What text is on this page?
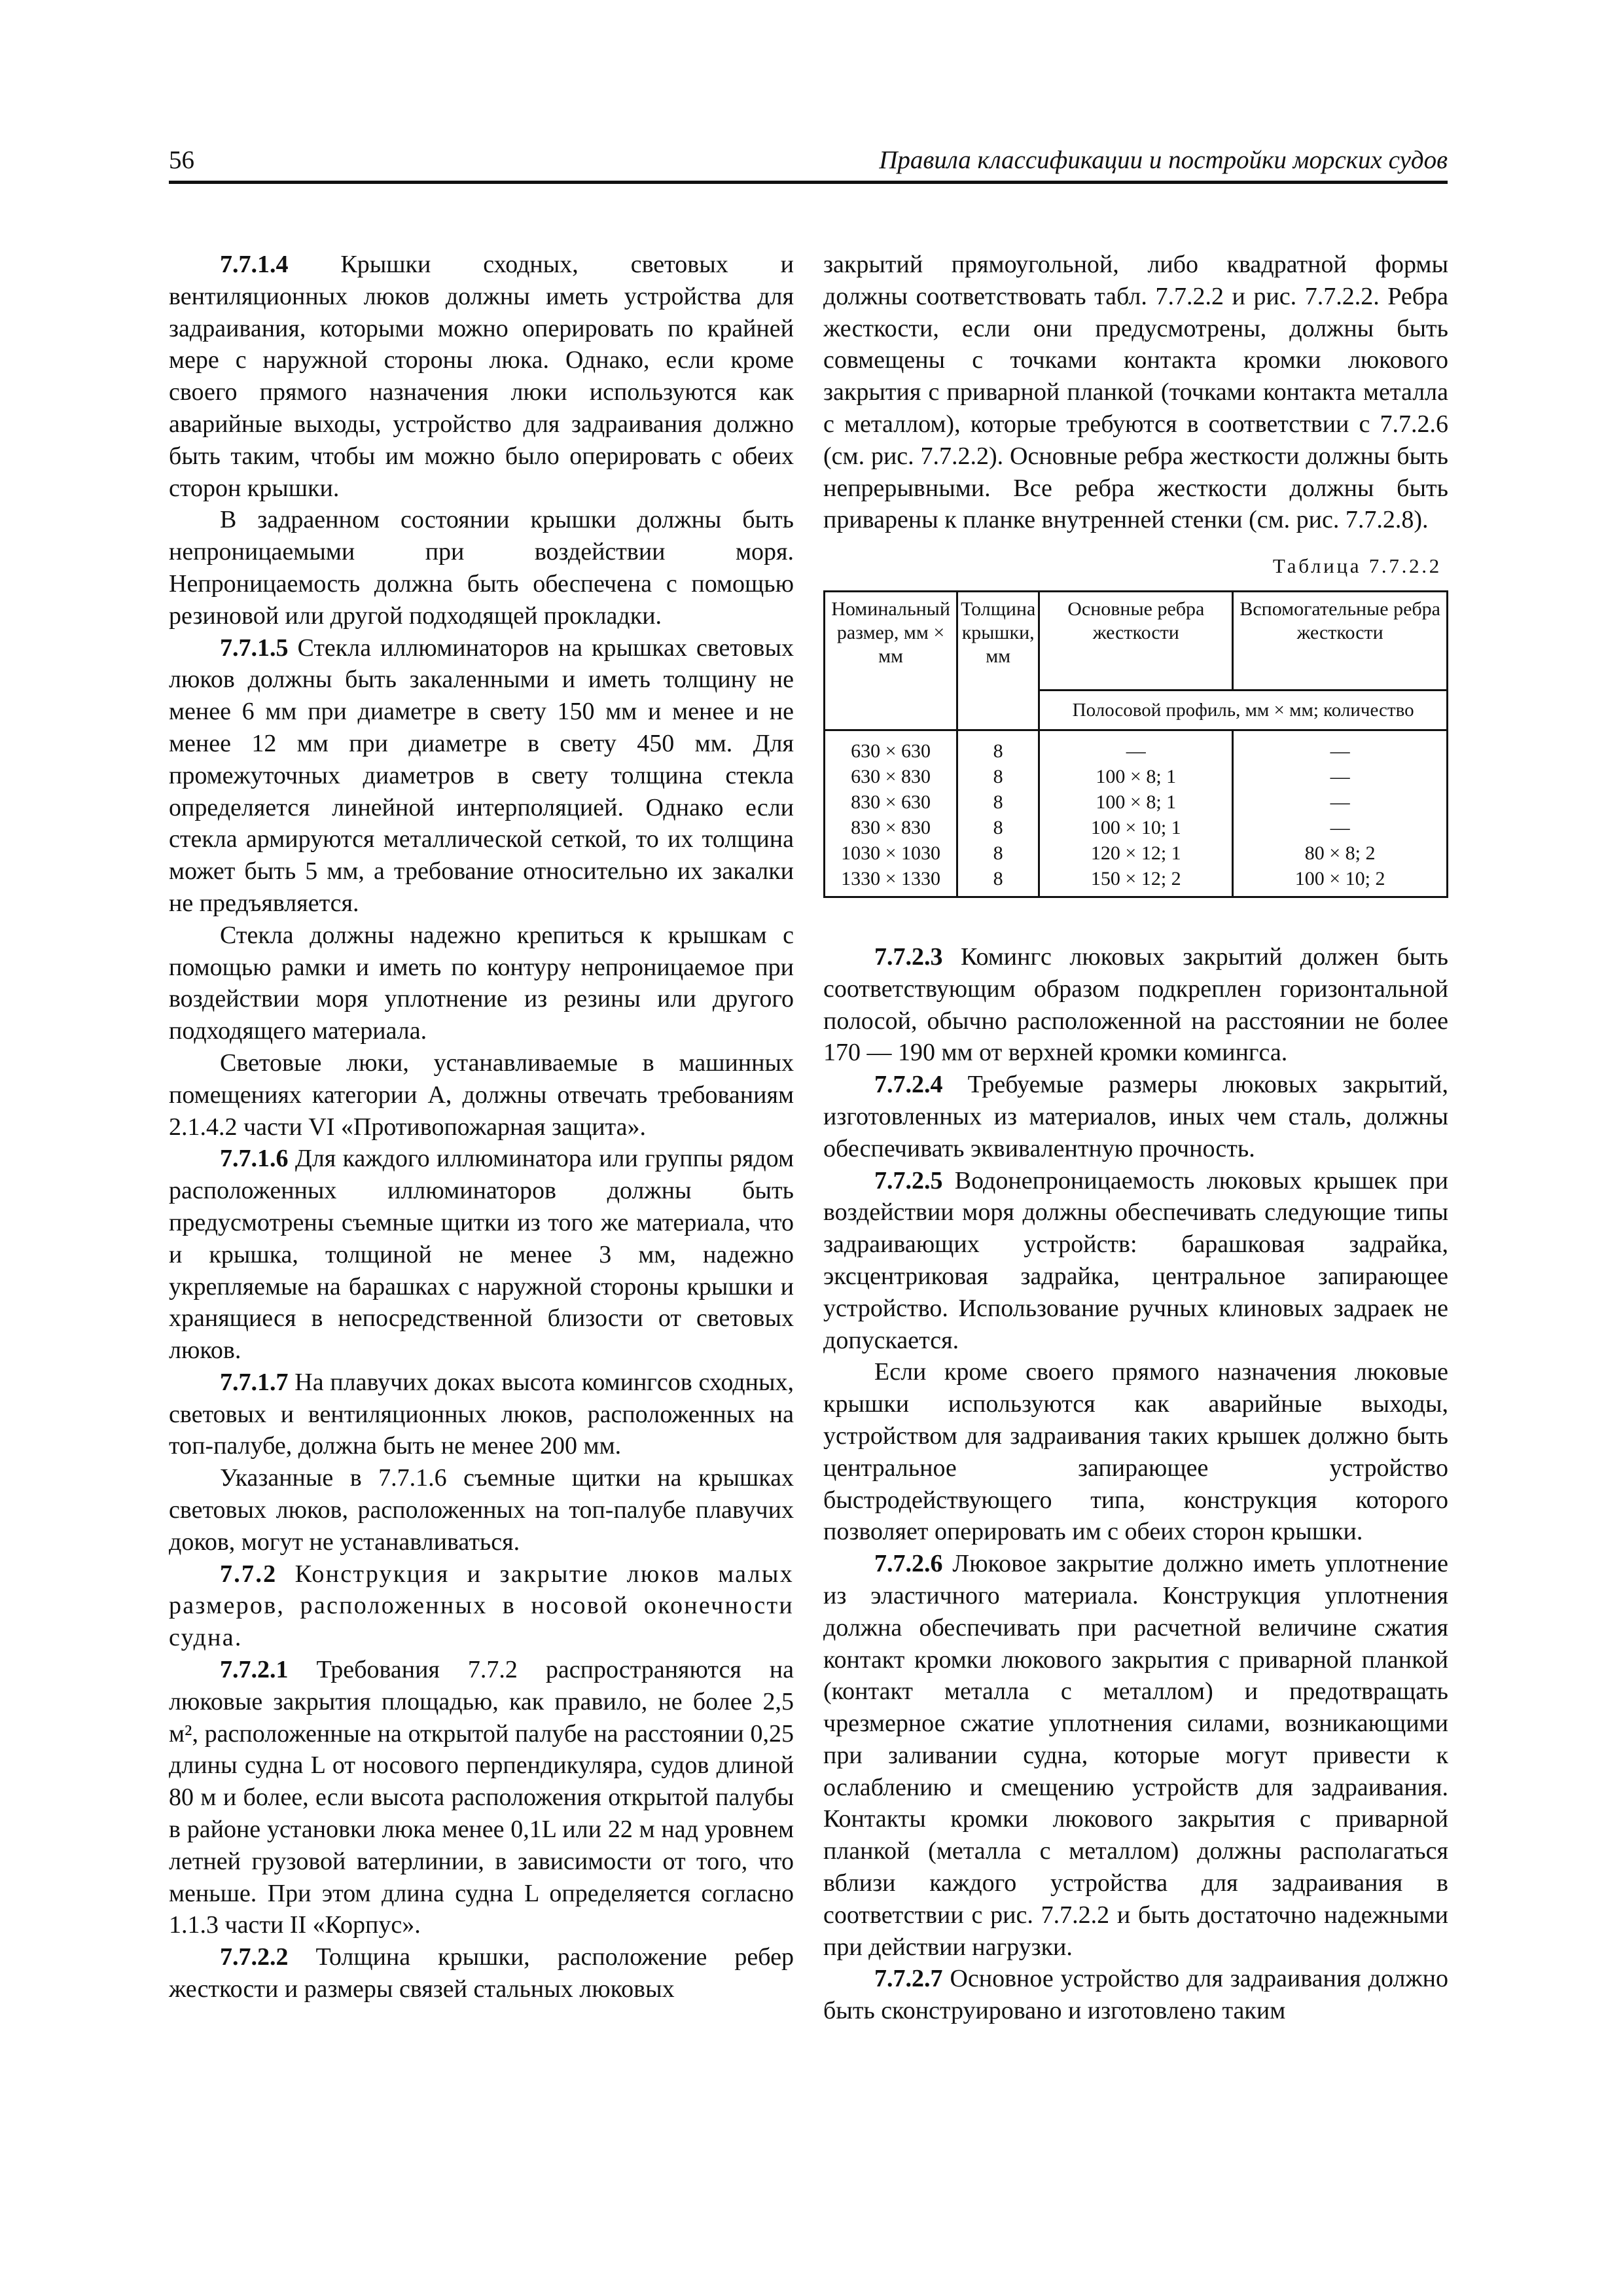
56	Правила классификации и постройки морских судов

7.7.1.4 Крышки сходных, световых и вентиляционных люков должны иметь устройства для задраивания, которыми можно оперировать по крайней мере с наружной стороны люка. Однако, если кроме своего прямого назначения люки используются как аварийные выходы, устройство для задраивания должно быть таким, чтобы им можно было оперировать с обеих сторон крышки.

В задраенном состоянии крышки должны быть непроницаемыми при воздействии моря. Непроницаемость должна быть обеспечена с помощью резиновой или другой подходящей прокладки.

7.7.1.5 Стекла иллюминаторов на крышках световых люков должны быть закаленными и иметь толщину не менее 6 мм при диаметре в свету 150 мм и менее и не менее 12 мм при диаметре в свету 450 мм. Для промежуточных диаметров в свету толщина стекла определяется линейной интерполяцией. Однако если стекла армируются металлической сеткой, то их толщина может быть 5 мм, а требование относительно их закалки не предъявляется.

Стекла должны надежно крепиться к крышкам с помощью рамки и иметь по контуру непроницаемое при воздействии моря уплотнение из резины или другого подходящего материала.

Световые люки, устанавливаемые в машинных помещениях категории А, должны отвечать требованиям 2.1.4.2 части VI «Противопожарная защита».

7.7.1.6 Для каждого иллюминатора или группы рядом расположенных иллюминаторов должны быть предусмотрены съемные щитки из того же материала, что и крышка, толщиной не менее 3 мм, надежно укрепляемые на барашках с наружной стороны крышки и хранящиеся в непосредственной близости от световых люков.

7.7.1.7 На плавучих доках высота комингсов сходных, световых и вентиляционных люков, расположенных на топ-палубе, должна быть не менее 200 мм.

Указанные в 7.7.1.6 съемные щитки на крышках световых люков, расположенных на топ-палубе плавучих доков, могут не устанавливаться.

7.7.2 Конструкция и закрытие люков малых размеров, расположенных в носовой оконечности судна.

7.7.2.1 Требования 7.7.2 распространяются на люковые закрытия площадью, как правило, не более 2,5 м², расположенные на открытой палубе на расстоянии 0,25 длины судна L от носового перпендикуляра, судов длиной 80 м и более, если высота расположения открытой палубы в районе установки люка менее 0,1L или 22 м над уровнем летней грузовой ватерлинии, в зависимости от того, что меньше. При этом длина судна L определяется согласно 1.1.3 части II «Корпус».

7.7.2.2 Толщина крышки, расположение ребер жесткости и размеры связей стальных люковых

закрытий прямоугольной, либо квадратной формы должны соответствовать табл. 7.7.2.2 и рис. 7.7.2.2. Ребра жесткости, если они предусмотрены, должны быть совмещены с точками контакта кромки люкового закрытия с приварной планкой (точками контакта металла с металлом), которые требуются в соответствии с 7.7.2.6 (см. рис. 7.7.2.2). Основные ребра жесткости должны быть непрерывными. Все ребра жесткости должны быть приварены к планке внутренней стенки (см. рис. 7.7.2.8).

Таблица 7.7.2.2
Номинальный размер, мм × мм	Толщина крышки, мм	Основные ребра жесткости	Вспомогательные ребра жесткости
		Полосовой профиль, мм × мм; количество	
630 × 630	8	—	—
630 × 830	8	100 × 8; 1	—
830 × 630	8	100 × 8; 1	—
830 × 830	8	100 × 10; 1	—
1030 × 1030	8	120 × 12; 1	80 × 8; 2
1330 × 1330	8	150 × 12; 2	100 × 10; 2

7.7.2.3 Комингс люковых закрытий должен быть соответствующим образом подкреплен горизонтальной полосой, обычно расположенной на расстоянии не более 170 — 190 мм от верхней кромки комингса.

7.7.2.4 Требуемые размеры люковых закрытий, изготовленных из материалов, иных чем сталь, должны обеспечивать эквивалентную прочность.

7.7.2.5 Водонепроницаемость люковых крышек при воздействии моря должны обеспечивать следующие типы задраивающих устройств: барашковая задрайка, эксцентриковая задрайка, центральное запирающее устройство. Использование ручных клиновых задраек не допускается.

Если кроме своего прямого назначения люковые крышки используются как аварийные выходы, устройством для задраивания таких крышек должно быть центральное запирающее устройство быстродействующего типа, конструкция которого позволяет оперировать им с обеих сторон крышки.

7.7.2.6 Люковое закрытие должно иметь уплотнение из эластичного материала. Конструкция уплотнения должна обеспечивать при расчетной величине сжатия контакт кромки люкового закрытия с приварной планкой (контакт металла с металлом) и предотвращать чрезмерное сжатие уплотнения силами, возникающими при заливании судна, которые могут привести к ослаблению и смещению устройств для задраивания. Контакты кромки люкового закрытия с приварной планкой (металла с металлом) должны располагаться вблизи каждого устройства для задраивания в соответствии с рис. 7.7.2.2 и быть достаточно надежными при действии нагрузки.

7.7.2.7 Основное устройство для задраивания должно быть сконструировано и изготовлено таким
